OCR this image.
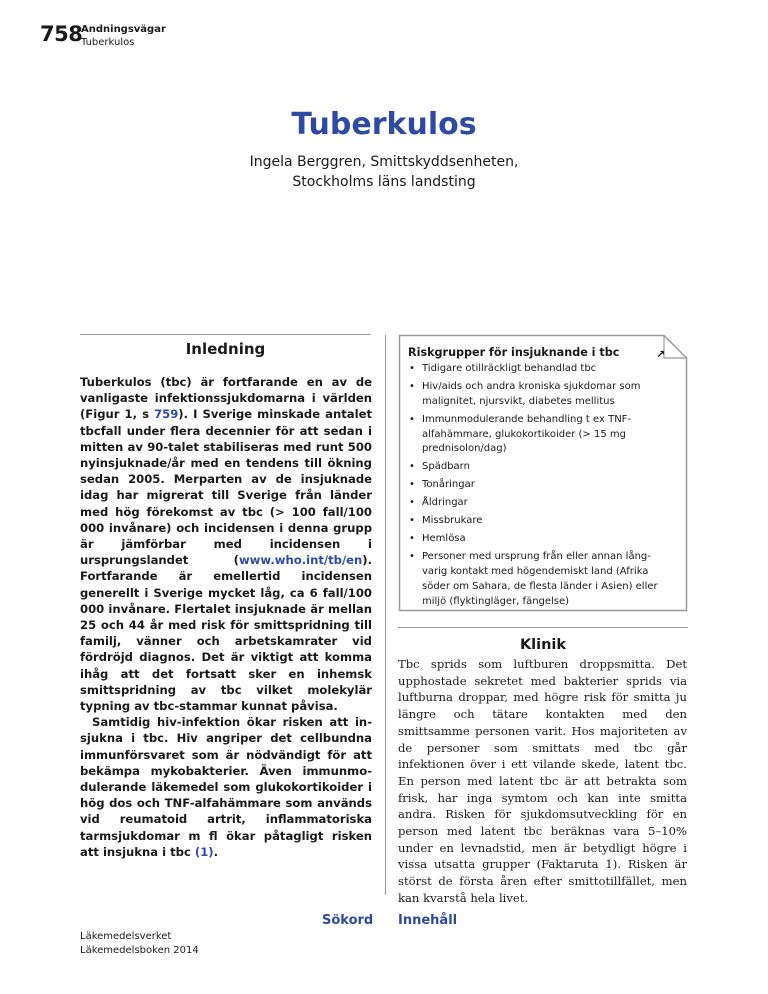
758
Andningsvägar
Tuberkulos
Tuberkulos
Ingela Berggren, Smittskyddsenheten,
Stockholms läns landsting
Inledning

Tuberkulos (tbc) är fortfarande en av de vanligaste infektionssjukdomarna i världen (Figur 1, s 759). I Sverige minskade antalet tbcfall under flera decennier för att sedan i mitten av 90-talet stabiliseras med runt 500 nyinsjuknade/år med en tendens till ökning sedan 2005. Merparten av de insjuknade idag har migrerat till Sverige från länder med hög förekomst av tbc (> 100 fall/100 000 invånare) och incidensen i denna grupp är jämförbar med incidensen i ursprungslandet (www.who.int/tb/en). Fortfarande är emellertid incidensen generellt i Sverige mycket låg, ca 6 fall/100 000 invånare. Flertalet insjuknade är mellan 25 och 44 år med risk för smittspridning till familj, vänner och arbetskamrater vid fördröjd diagnos. Det är viktigt att komma ihåg att det fortsatt sker en inhemsk smittspridning av tbc vilket molekylär typning av tbc-stammar kunnat påvisa.

Samtidig hiv-infektion ökar risken att insjukna i tbc. Hiv angriper det cellbundna immunförsvaret som är nödvändigt för att bekämpa mykobakterier. Även immunmodulerande läkemedel som glukokortikoider i hög dos och TNF-alfahämmare som används vid reumatoid artrit, inflammatoriska tarmsjukdomar m fl ökar påtagligt risken att insjukna i tbc (1).

Riskgrupper för insjuknande i tbc	↗
• Tidigare otillräckligt behandlad tbc
• Hiv/aids och andra kroniska sjukdomar som malignitet, njursvikt, diabetes mellitus
• Immunmodulerande behandling t ex TNF-alfahämmare, glukokortikoider (> 15 mg prednisolon/dag)
• Spädbarn
• Tonåringar
• Åldringar
• Missbrukare
• Hemlösa
• Personer med ursprung från eller annan långvarig kontakt med högendemiskt land (Afrika söder om Sahara, de flesta länder i Asien) eller miljö (flyktingläger, fängelse)
Klinik

Tbc sprids som luftburen droppsmitta. Det upphostade sekretet med bakterier sprids via luftburna droppar, med högre risk för smitta ju längre och tätare kontakten med den smittsamme personen varit. Hos majoriteten av de personer som smittats med tbc går infektionen över i ett vilande skede, latent tbc. En person med latent tbc är att betrakta som frisk, har inga symtom och kan inte smitta andra. Risken för sjukdomsutveckling för en person med latent tbc beräknas vara 5–10% under en levnadstid, men är betydligt högre i vissa utsatta grupper (Faktaruta 1). Risken är störst de första åren efter smittotillfället, men kan kvarstå hela livet.

Sökord Innehåll
Läkemedelsverket
Läkemedelsboken 2014
